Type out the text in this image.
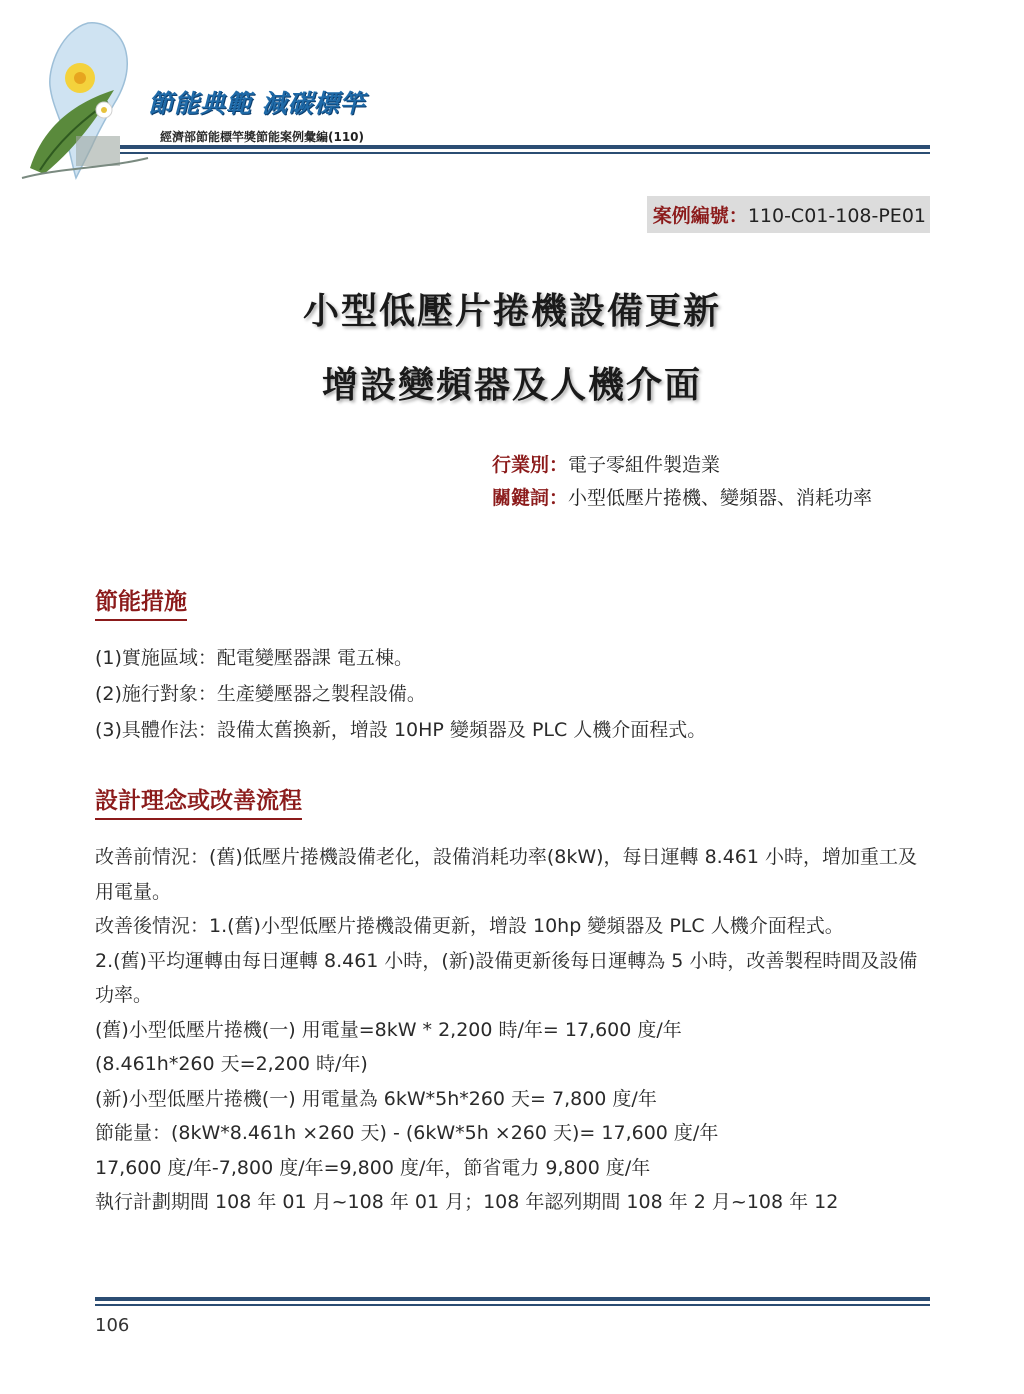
節能典範 減碳標竿
經濟部節能標竿獎節能案例彙編(110)
案例編號：110-C01-108-PE01
小型低壓片捲機設備更新
增設變頻器及人機介面
行業別：電子零組件製造業
關鍵詞：小型低壓片捲機、變頻器、消耗功率
節能措施
(1)實施區域：配電變壓器課 電五棟。
(2)施行對象：生產變壓器之製程設備。
(3)具體作法：設備太舊換新，增設 10HP 變頻器及 PLC 人機介面程式。
設計理念或改善流程

改善前情況：(舊)低壓片捲機設備老化，設備消耗功率(8kW)，每日運轉 8.461 小時，增加重工及用電量。

改善後情況：1.(舊)小型低壓片捲機設備更新，增設 10hp 變頻器及 PLC 人機介面程式。

2.(舊)平均運轉由每日運轉 8.461 小時，(新)設備更新後每日運轉為 5 小時，改善製程時間及設備功率。

(舊)小型低壓片捲機(一) 用電量=8kW * 2,200 時/年= 17,600 度/年

(8.461h*260 天=2,200 時/年)

(新)小型低壓片捲機(一) 用電量為 6kW*5h*260 天= 7,800 度/年

節能量：(8kW*8.461h ×260 天) - (6kW*5h ×260 天)= 17,600 度/年

17,600 度/年-7,800 度/年=9,800 度/年，節省電力 9,800 度/年

執行計劃期間 108 年 01 月~108 年 01 月；108 年認列期間 108 年 2 月~108 年 12

106
